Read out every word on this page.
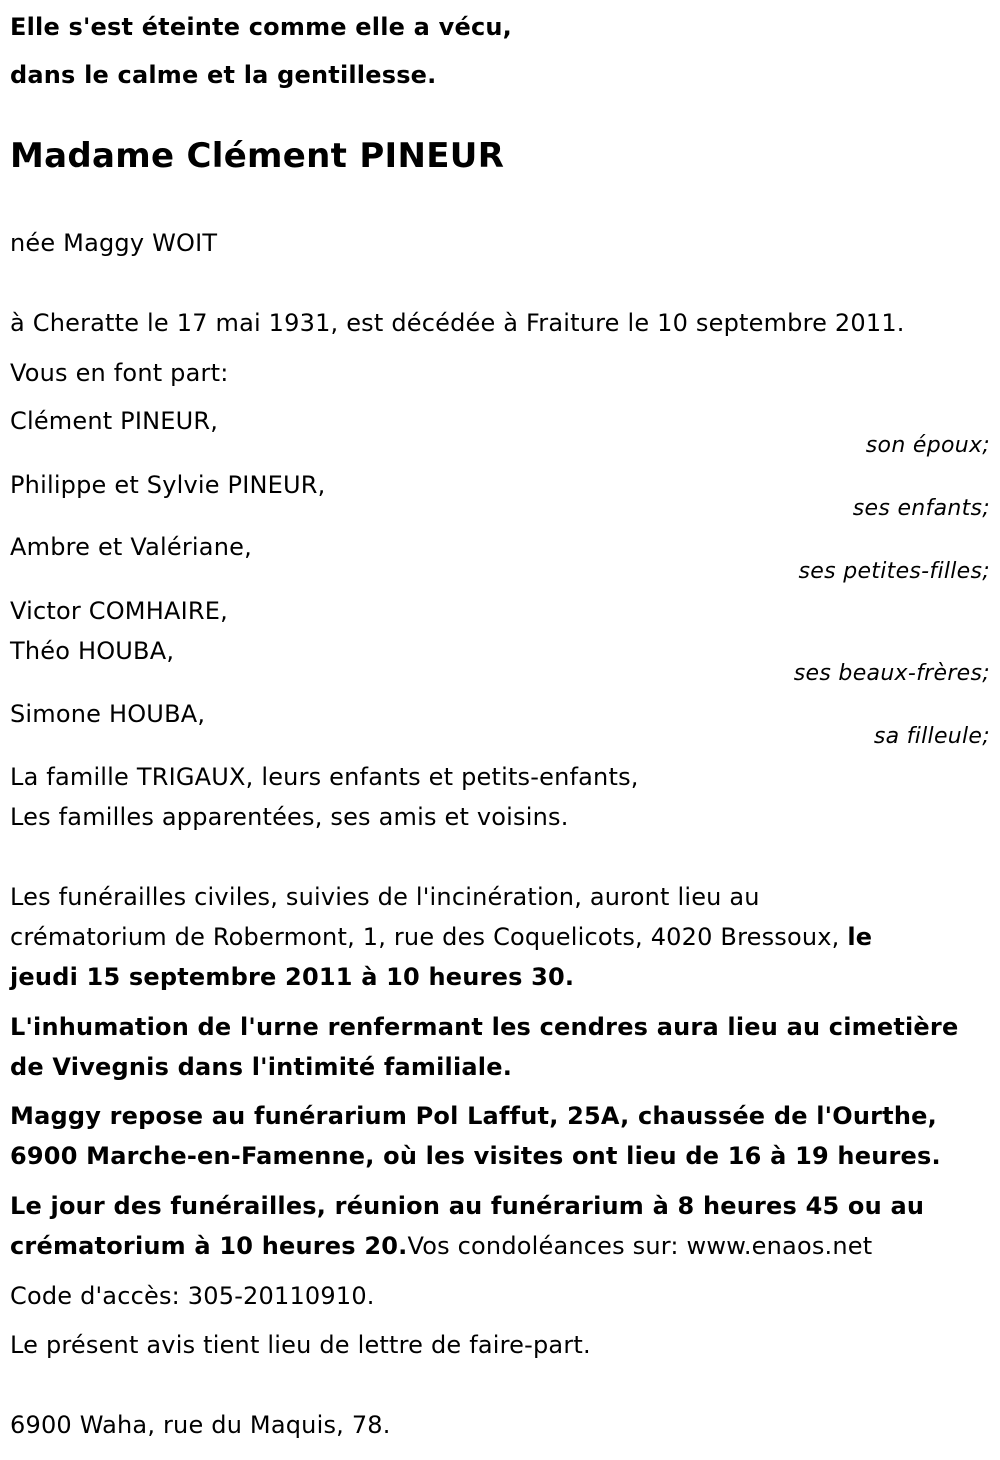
Elle s'est éteinte comme elle a vécu,
dans le calme et la gentillesse.
Madame Clément PINEUR
née Maggy WOIT
à Cheratte le 17 mai 1931, est décédée à Fraiture le 10 septembre 2011.
Vous en font part:
Clément PINEUR,
son époux;
Philippe et Sylvie PINEUR,
ses enfants;
Ambre et Valériane,
ses petites-filles;
Victor COMHAIRE,
Théo HOUBA,
ses beaux-frères;
Simone HOUBA,
sa filleule;
La famille TRIGAUX, leurs enfants et petits-enfants,
Les familles apparentées, ses amis et voisins.
Les funérailles civiles, suivies de l'incinération, auront lieu au
crématorium de Robermont, 1, rue des Coquelicots, 4020 Bressoux, le
jeudi 15 septembre 2011 à 10 heures 30.
L'inhumation de l'urne renfermant les cendres aura lieu au cimetière
de Vivegnis dans l'intimité familiale.
Maggy repose au funérarium Pol Laffut, 25A, chaussée de l'Ourthe,
6900 Marche-en-Famenne, où les visites ont lieu de 16 à 19 heures.
Le jour des funérailles, réunion au funérarium à 8 heures 45 ou au
crématorium à 10 heures 20.Vos condoléances sur: www.enaos.net
Code d'accès: 305-20110910.
Le présent avis tient lieu de lettre de faire-part.
6900 Waha, rue du Maquis, 78.
